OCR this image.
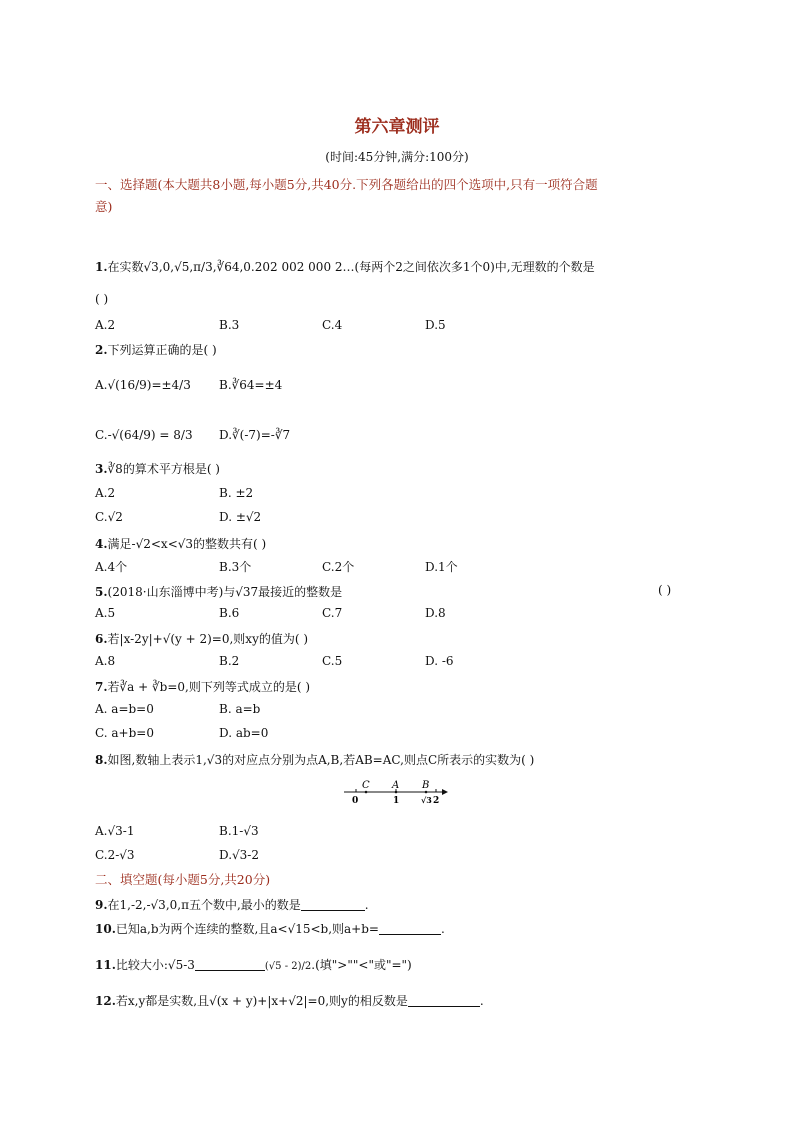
第六章测评
(时间:45分钟,满分:100分)
一、选择题(本大题共8小题,每小题5分,共40分.下列各题给出的四个选项中,只有一项符合题
意)
1.在实数√3,0,√5,π/3,∛64,0.202 002 000 2…(每两个2之间依次多1个0)中,无理数的个数是
( )
A.2	B.3	C.4	D.5
2.下列运算正确的是( )
A.√(16/9)=±4/3 B.∛64=±4
C.-√(64/9) = 8/3 D.∛(-7)=-∛7
3.∛8的算术平方根是( )
A.2	B. ±2
C.√2	D. ±√2
4.满足-√2<x<√3的整数共有( )
A.4个	B.3个	C.2个	D.1个
5.(2018·山东淄博中考)与√37最接近的整数是	( )
A.5	B.6	C.7	D.8
6.若|x-2y|+√(y + 2)=0,则xy的值为( )
A.8	B.2	C.5	D. -6
7.若∛a + ∛b=0,则下列等式成立的是( )
A. a=b=0	B. a=b
C. a+b=0	D. ab=0
8.如图,数轴上表示1,√3的对应点分别为点A,B,若AB=AC,则点C所表示的实数为( )
C A B
0	1	√3 2
A.√3-1	B.1-√3
C.2-√3	D.√3-2
二、填空题(每小题5分,共20分)
9.在1,-2,-√3,0,π五个数中,最小的数是	.
10.已知a,b为两个连续的整数,且a<√15<b,则a+b=	.
11.比较大小:√5-3	(√5 - 2)/2.(填">""<"或"=")
12.若x,y都是实数,且√(x + y)+|x+√2|=0,则y的相反数是	.
